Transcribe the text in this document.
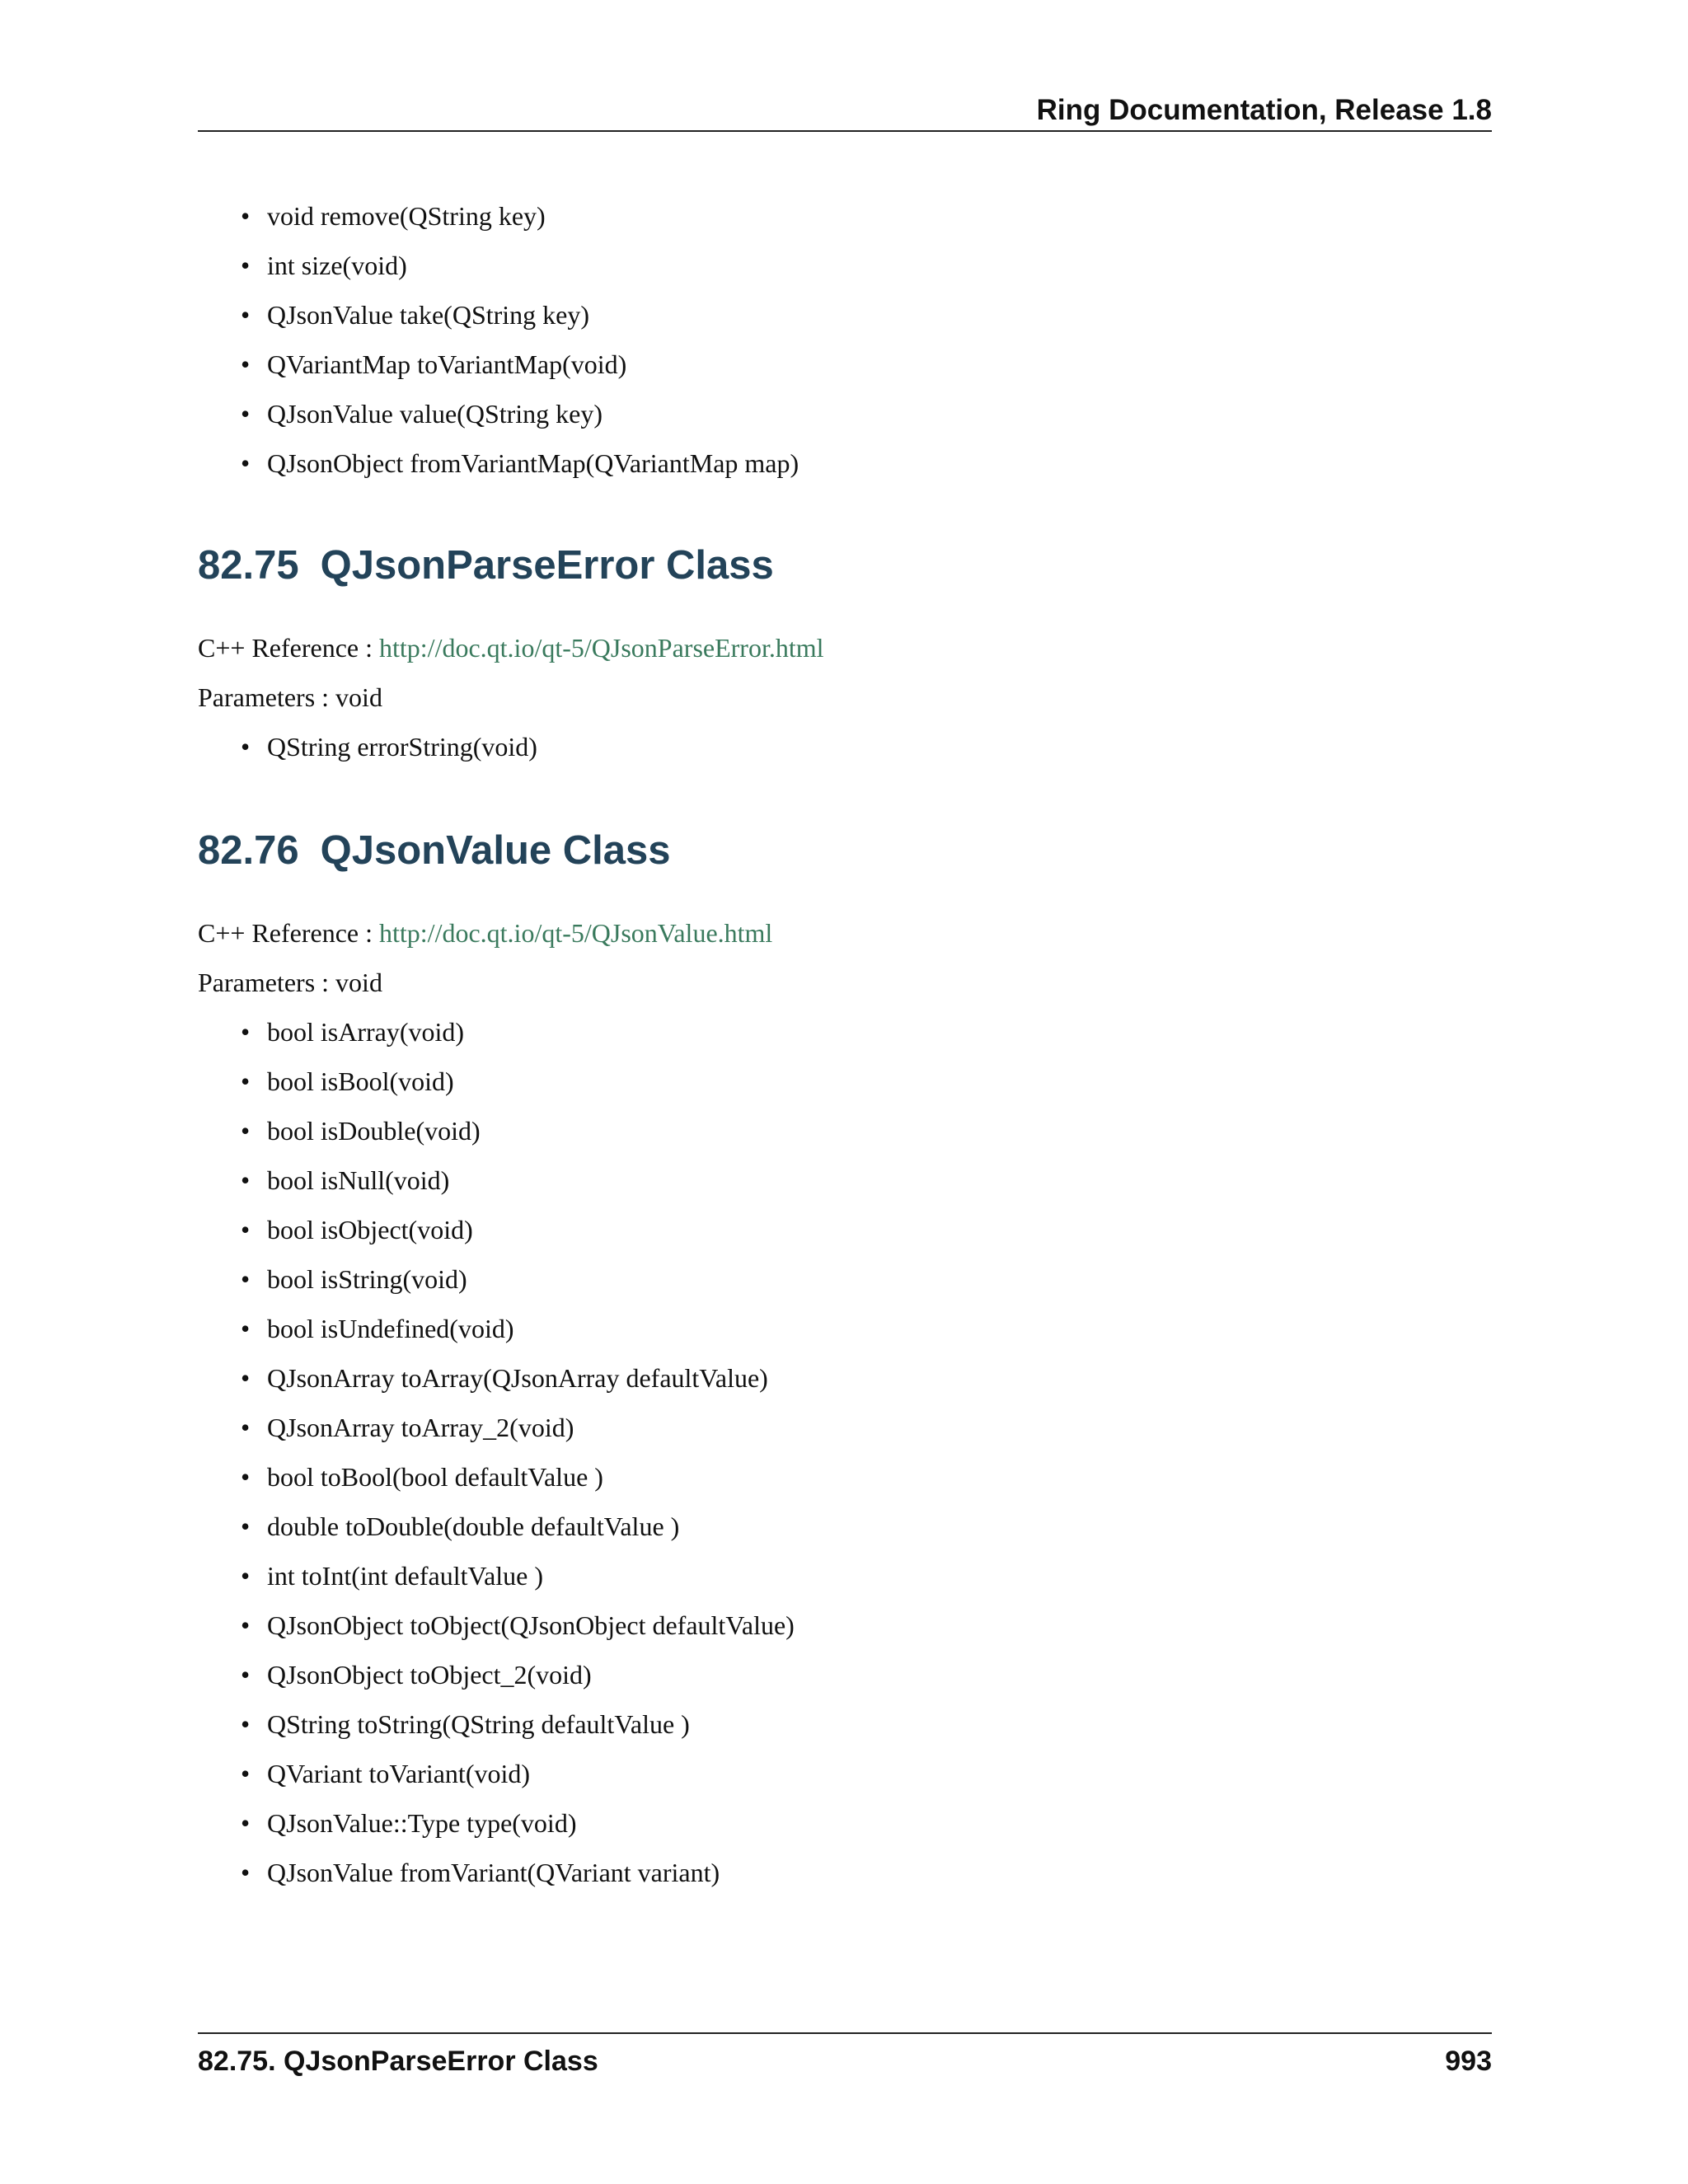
Ring Documentation, Release 1.8
• void remove(QString key)
• int size(void)
• QJsonValue take(QString key)
• QVariantMap toVariantMap(void)
• QJsonValue value(QString key)
• QJsonObject fromVariantMap(QVariantMap map)
82.75 QJsonParseError Class
C++ Reference : http://doc.qt.io/qt-5/QJsonParseError.html
Parameters : void
• QString errorString(void)
82.76 QJsonValue Class
C++ Reference : http://doc.qt.io/qt-5/QJsonValue.html
Parameters : void
• bool isArray(void)
• bool isBool(void)
• bool isDouble(void)
• bool isNull(void)
• bool isObject(void)
• bool isString(void)
• bool isUndefined(void)
• QJsonArray toArray(QJsonArray defaultValue)
• QJsonArray toArray_2(void)
• bool toBool(bool defaultValue )
• double toDouble(double defaultValue )
• int toInt(int defaultValue )
• QJsonObject toObject(QJsonObject defaultValue)
• QJsonObject toObject_2(void)
• QString toString(QString defaultValue )
• QVariant toVariant(void)
• QJsonValue::Type type(void)
• QJsonValue fromVariant(QVariant variant)
82.75. QJsonParseError Class	993
